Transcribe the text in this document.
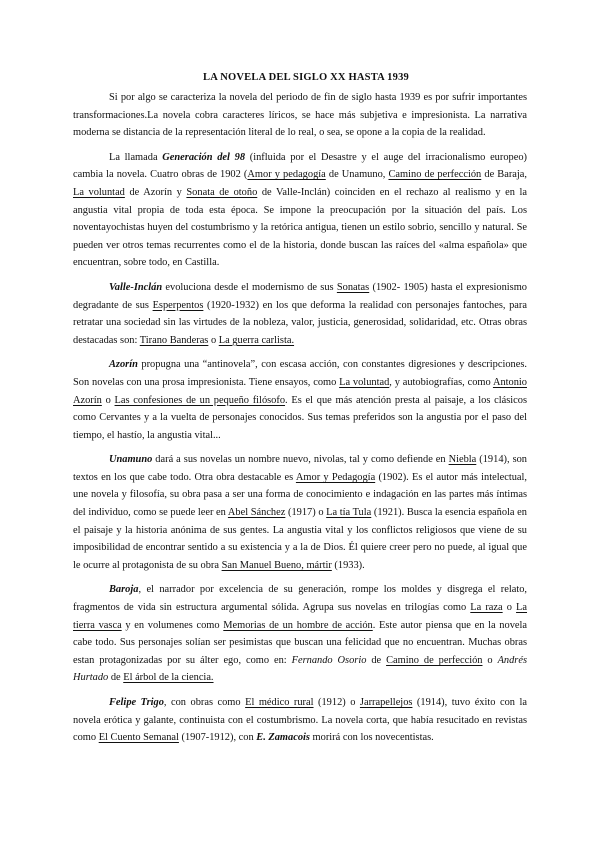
LA NOVELA DEL SIGLO XX HASTA 1939

Si por algo se caracteriza la novela del periodo de fin de siglo hasta 1939 es por sufrir importantes transformaciones.La novela cobra caracteres líricos, se hace más subjetiva e impresionista. La narrativa moderna se distancia de la representación literal de lo real, o sea, se opone a la copia de la realidad.

La llamada Generación del 98 (influida por el Desastre y el auge del irracionalismo europeo) cambia la novela. Cuatro obras de 1902 (Amor y pedagogía de Unamuno, Camino de perfección de Baraja, La voluntad de Azorín y Sonata de otoño de Valle-Inclán) coinciden en el rechazo al realismo y en la angustia vital propia de toda esta época. Se impone la preocupación por la situación del país. Los noventayochistas huyen del costumbrismo y la retórica antigua, tienen un estilo sobrio, sencillo y natural. Se pueden ver otros temas recurrentes como el de la historia, donde buscan las raíces del «alma española» que encuentran, sobre todo, en Castilla.

Valle-Inclán evoluciona desde el modernismo de sus Sonatas (1902- 1905) hasta el expresionismo degradante de sus Esperpentos (1920-1932) en los que deforma la realidad con personajes fantoches, para retratar una sociedad sin las virtudes de la nobleza, valor, justicia, generosidad, solidaridad, etc. Otras obras destacadas son: Tirano Banderas o La guerra carlista.

Azorín propugna una “antinovela”, con escasa acción, con constantes digresiones y descripciones. Son novelas con una prosa impresionista. Tiene ensayos, como La voluntad, y autobiografías, como Antonio Azorín o Las confesiones de un pequeño filósofo. Es el que más atención presta al paisaje, a los clásicos como Cervantes y a la vuelta de personajes conocidos. Sus temas preferidos son la angustia por el paso del tiempo, el hastío, la angustia vital...

Unamuno dará a sus novelas un nombre nuevo, nivolas, tal y como defiende en Niebla (1914), son textos en los que cabe todo. Otra obra destacable es Amor y Pedagogía (1902). Es el autor más intelectual, une novela y filosofía, su obra pasa a ser una forma de conocimiento e indagación en las partes más íntimas del individuo, como se puede leer en Abel Sánchez (1917) o La tía Tula (1921). Busca la esencia española en el paisaje y la historia anónima de sus gentes. La angustia vital y los conflictos religiosos que viene de su imposibilidad de encontrar sentido a su existencia y a la de Dios. Él quiere creer pero no puede, al igual que le ocurre al protagonista de su obra San Manuel Bueno, mártir (1933).

Baroja, el narrador por excelencia de su generación, rompe los moldes y disgrega el relato, fragmentos de vida sin estructura argumental sólida. Agrupa sus novelas en trilogías como La raza o La tierra vasca y en volumenes como Memorias de un hombre de acción. Este autor piensa que en la novela cabe todo. Sus personajes solían ser pesimistas que buscan una felicidad que no encuentran. Muchas obras estan protagonizadas por su álter ego, como en: Fernando Osorio de Camino de perfección o Andrés Hurtado de El árbol de la ciencia.

Felipe Trigo, con obras como El médico rural (1912) o Jarrapellejos (1914), tuvo éxito con la novela erótica y galante, continuista con el costumbrismo. La novela corta, que había resucitado en revistas como El Cuento Semanal (1907-1912), con E. Zamacois morirá con los novecentistas.
